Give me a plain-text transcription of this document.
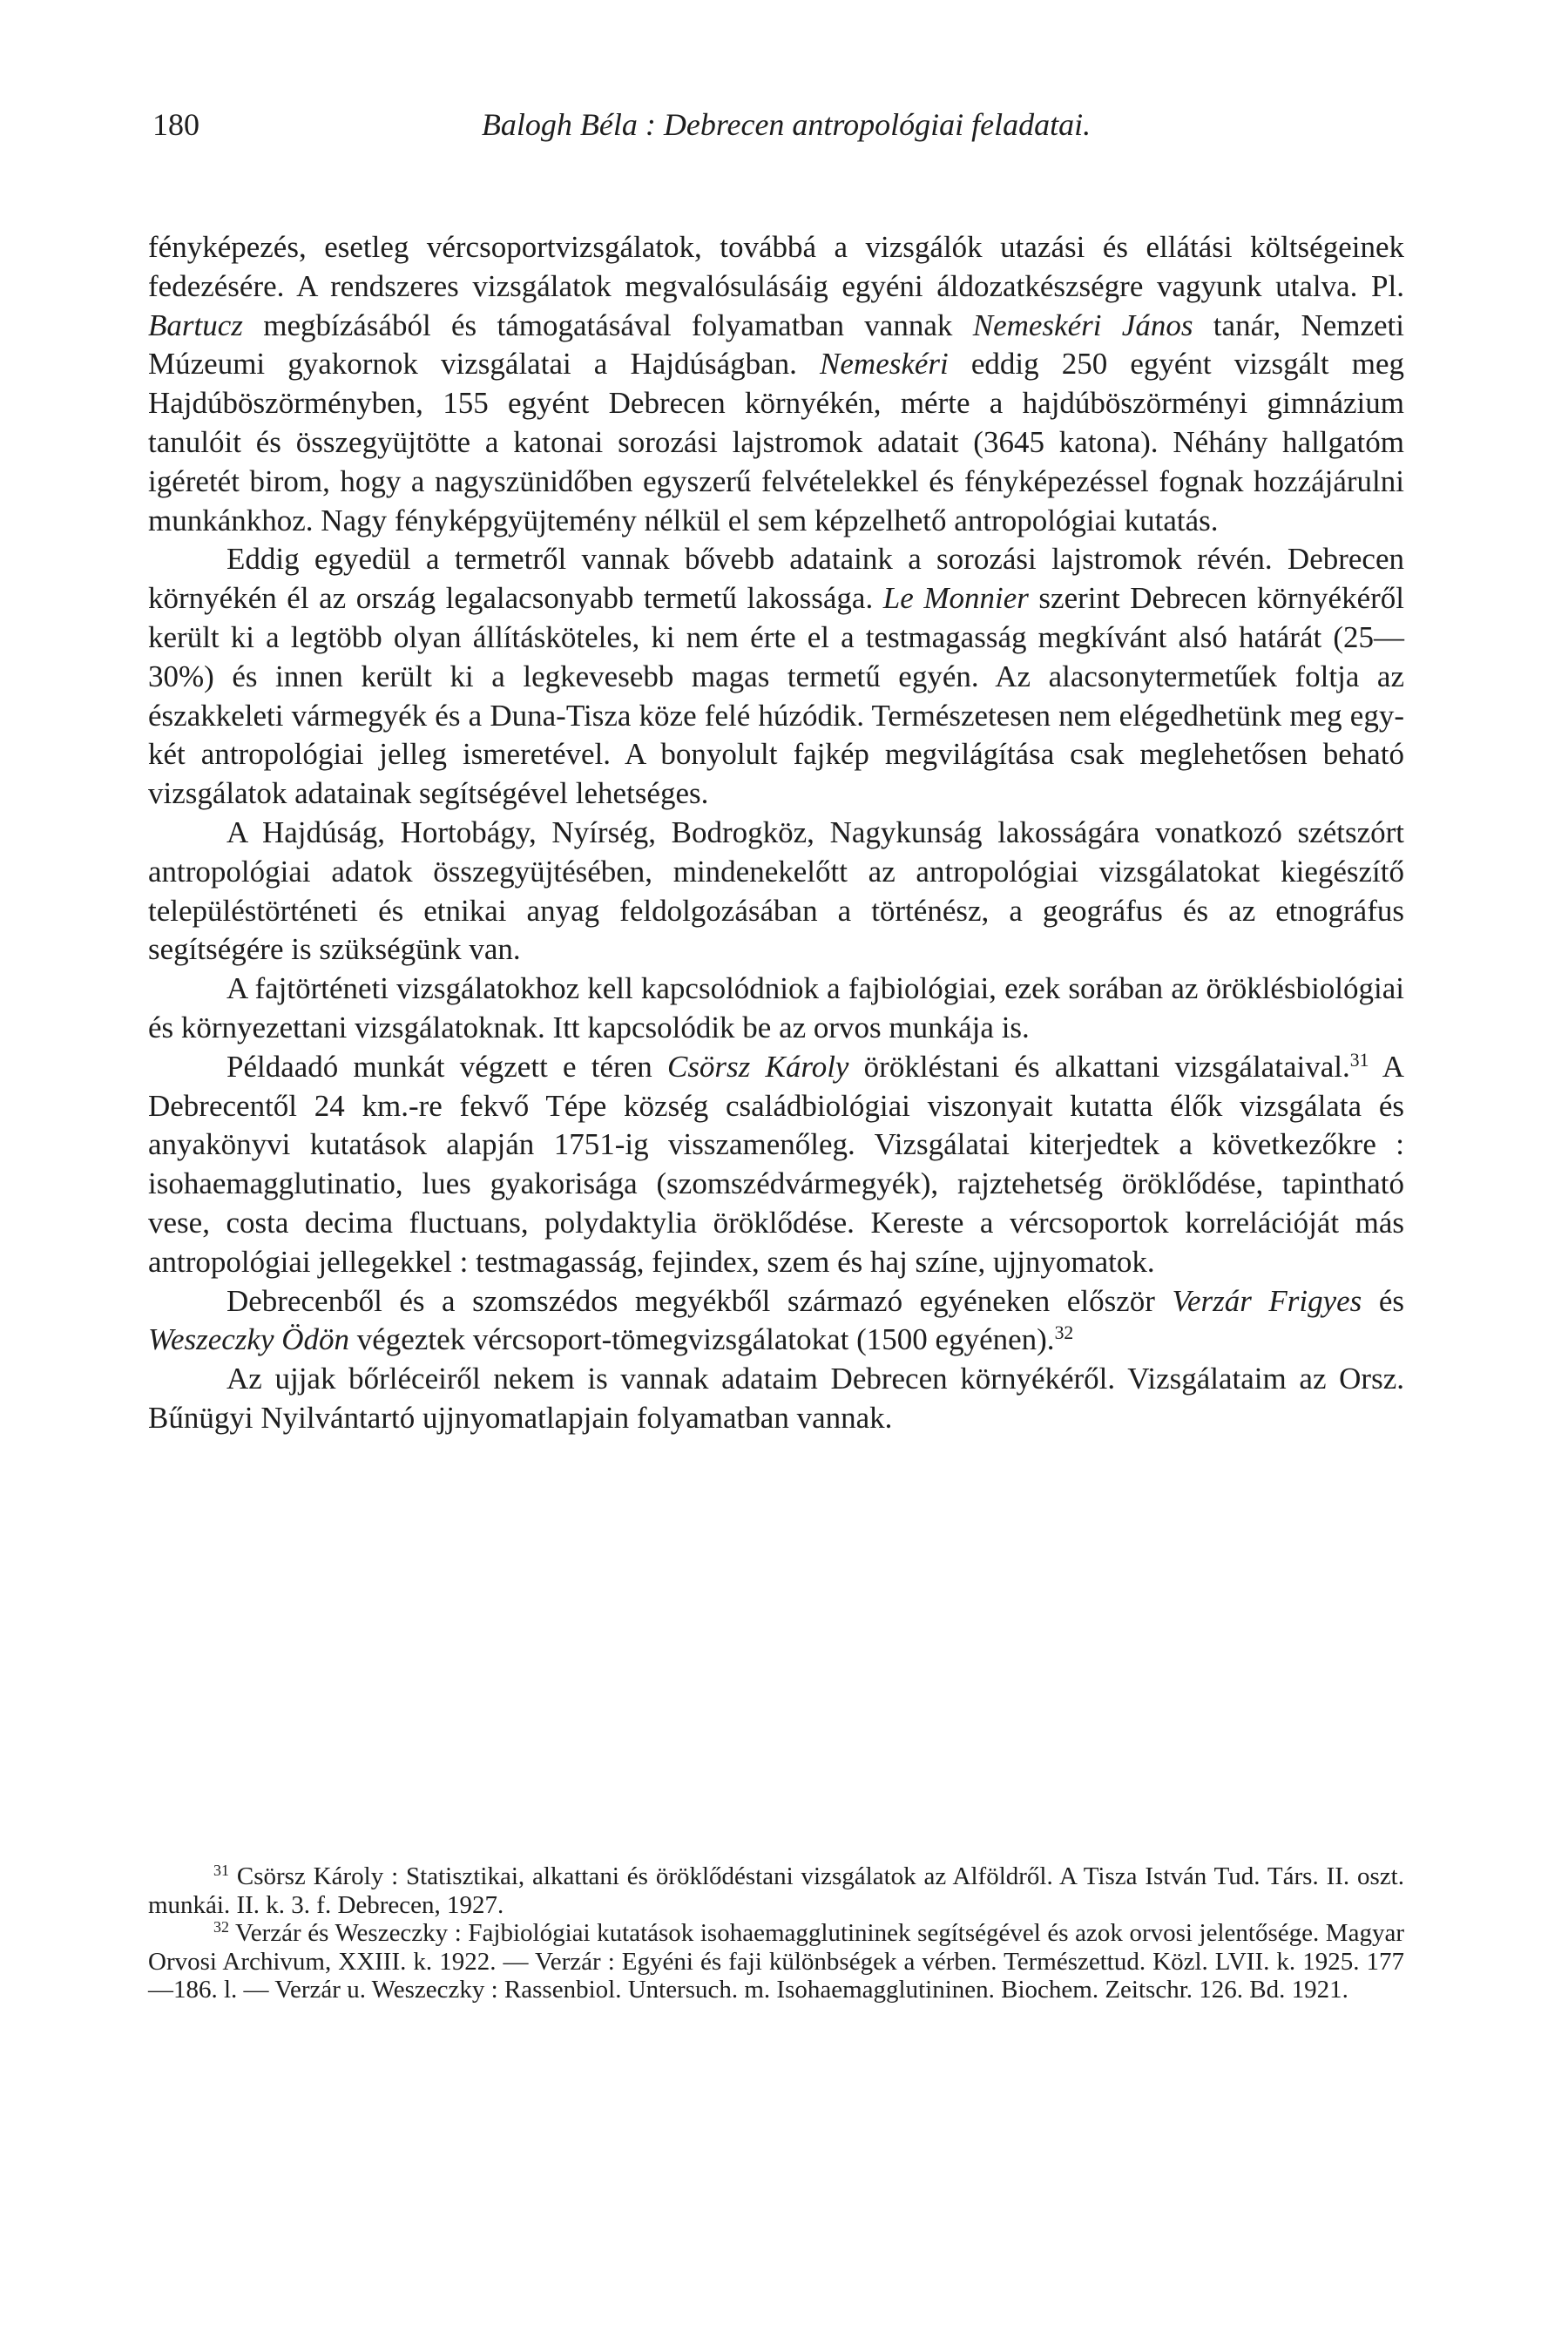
180	Balogh Béla : Debrecen antropológiai feladatai.

fényképezés, esetleg vércsoportvizsgálatok, továbbá a vizsgálók utazási és ellátási költségeinek fedezésére. A rendszeres vizsgálatok megvalósulásáig egyéni áldozatkészségre vagyunk utalva. Pl. Bartucz megbízásából és támogatásával folyamatban vannak Nemeskéri János tanár, Nemzeti Múzeumi gyakornok vizsgálatai a Hajdúságban. Nemeskéri eddig 250 egyént vizsgált meg Hajdúböszörményben, 155 egyént Debrecen környékén, mérte a hajdúböszörményi gimnázium tanulóit és összegyüjtötte a katonai sorozási lajstromok adatait (3645 katona). Néhány hallgatóm igéretét birom, hogy a nagyszünidőben egyszerű felvételekkel és fényképezéssel fognak hozzájárulni munkánkhoz. Nagy fényképgyüjtemény nélkül el sem képzelhető antropológiai kutatás.

Eddig egyedül a termetről vannak bővebb adataink a sorozási lajstromok révén. Debrecen környékén él az ország legalacsonyabb termetű lakossága. Le Monnier szerint Debrecen környékéről került ki a legtöbb olyan állításköteles, ki nem érte el a testmagasság megkívánt alsó határát (25—30%) és innen került ki a legkevesebb magas termetű egyén. Az alacsonytermetűek foltja az északkeleti vármegyék és a Duna-Tisza köze felé húzódik. Természetesen nem elégedhetünk meg egy-két antropológiai jelleg ismeretével. A bonyolult fajkép megvilágítása csak meglehetősen beható vizsgálatok adatainak segítségével lehetséges.

A Hajdúság, Hortobágy, Nyírség, Bodrogköz, Nagykunság lakosságára vonatkozó szétszórt antropológiai adatok összegyüjtésében, mindenekelőtt az antropológiai vizsgálatokat kiegészítő településtörténeti és etnikai anyag feldolgozásában a történész, a geográfus és az etnográfus segítségére is szükségünk van.

A fajtörténeti vizsgálatokhoz kell kapcsolódniok a fajbiológiai, ezek sorában az öröklésbiológiai és környezettani vizsgálatoknak. Itt kapcsolódik be az orvos munkája is.

Példaadó munkát végzett e téren Csörsz Károly örökléstani és alkattani vizsgálataival.$^{31}$ A Debrecentől 24 km.-re fekvő Tépe község családbiológiai viszonyait kutatta élők vizsgálata és anyakönyvi kutatások alapján 1751-ig visszamenőleg. Vizsgálatai kiterjedtek a következőkre : isohaemagglutinatio, lues gyakorisága (szomszédvármegyék), rajztehetség öröklődése, tapintható vese, costa decima fluctuans, polydaktylia öröklődése. Kereste a vércsoportok korrelációját más antropológiai jellegekkel : testmagasság, fejindex, szem és haj színe, ujjnyomatok.

Debrecenből és a szomszédos megyékből származó egyéneken először Verzár Frigyes és Weszeczky Ödön végeztek vércsoport-tömegvizsgálatokat (1500 egyénen).$^{32}$

Az ujjak bőrléceiről nekem is vannak adataim Debrecen környékéről. Vizsgálataim az Orsz. Bűnügyi Nyilvántartó ujjnyomatlapjain folyamatban vannak.

$^{31}$ Csörsz Károly : Statisztikai, alkattani és öröklődéstani vizsgálatok az Alföldről. A Tisza István Tud. Társ. II. oszt. munkái. II. k. 3. f. Debrecen, 1927.

$^{32}$ Verzár és Weszeczky : Fajbiológiai kutatások isohaemagglutininek segítségével és azok orvosi jelentősége. Magyar Orvosi Archivum, XXIII. k. 1922. — Verzár : Egyéni és faji különbségek a vérben. Természettud. Közl. LVII. k. 1925. 177—186. l. — Verzár u. Weszeczky : Rassenbiol. Untersuch. m. Isohaemagglutininen. Biochem. Zeitschr. 126. Bd. 1921.
